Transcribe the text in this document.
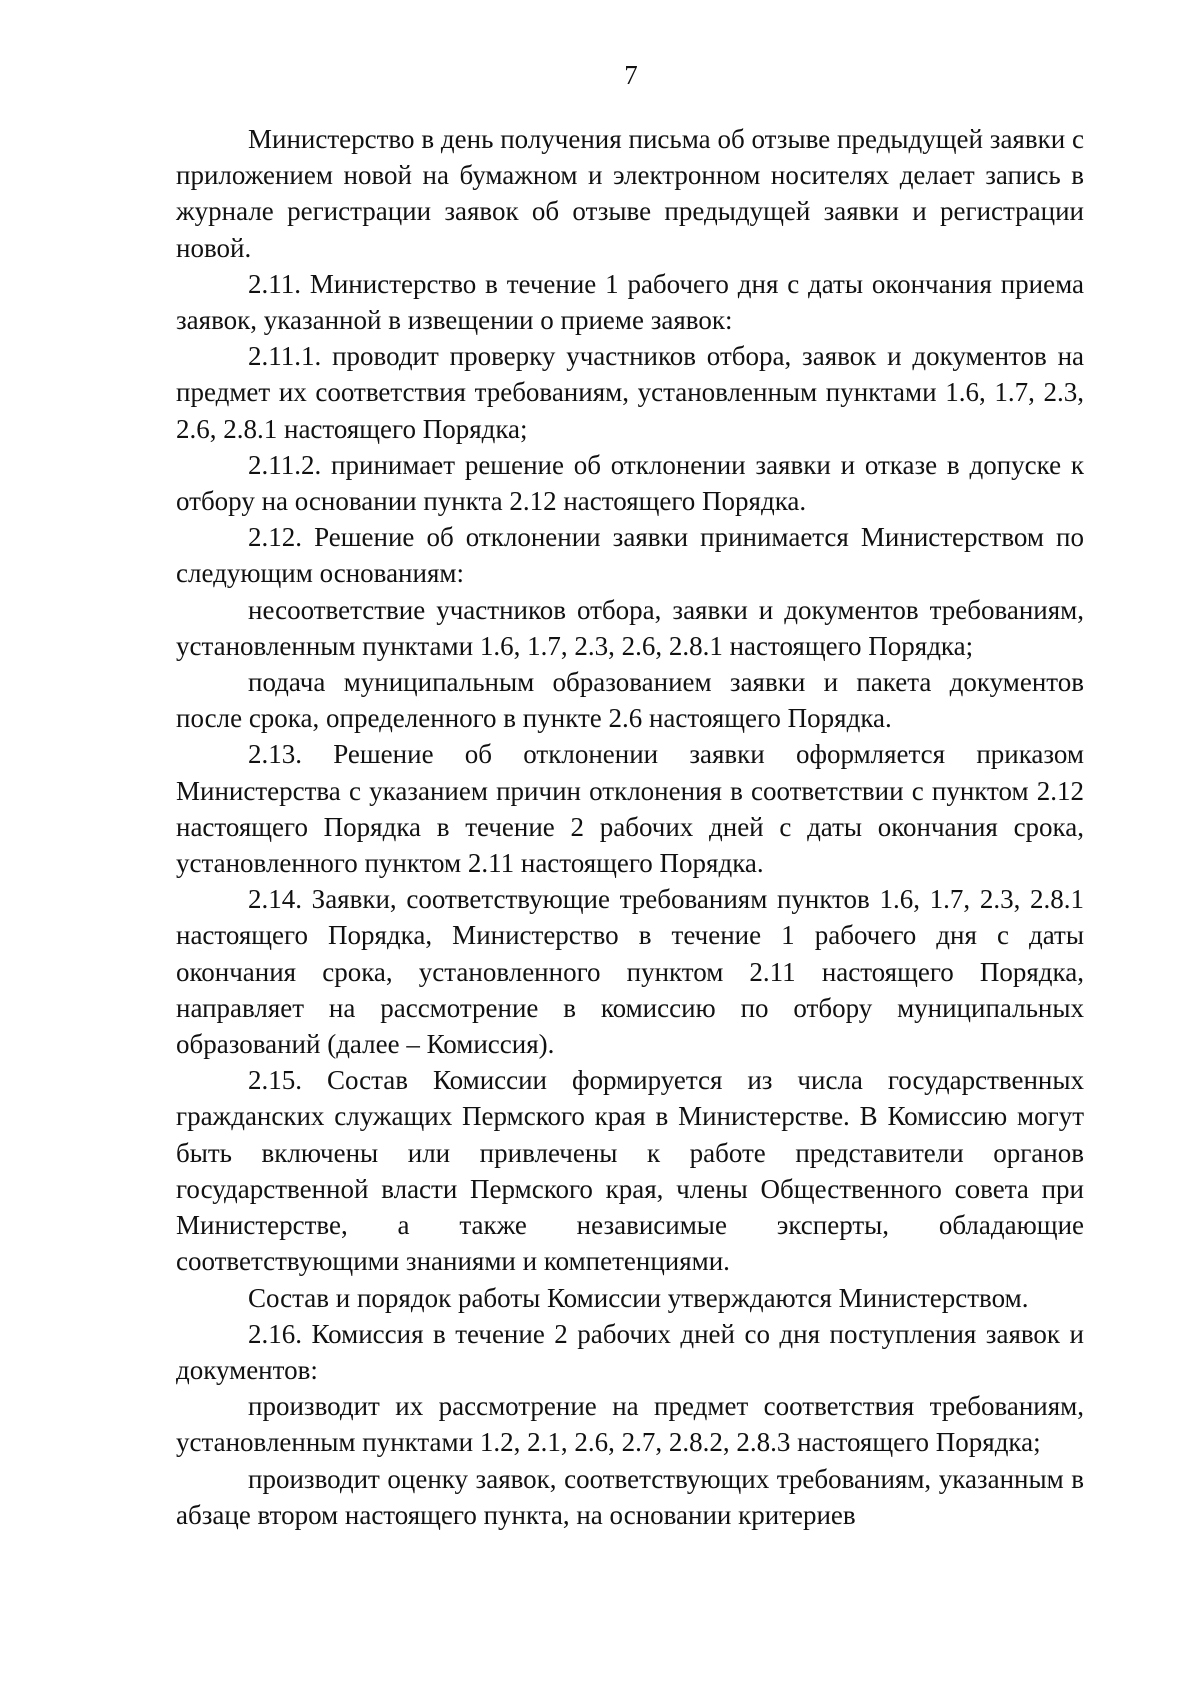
7

Министерство в день получения письма об отзыве предыдущей заявки с приложением новой на бумажном и электронном носителях делает запись в журнале регистрации заявок об отзыве предыдущей заявки и регистрации новой.

2.11. Министерство в течение 1 рабочего дня с даты окончания приема заявок, указанной в извещении о приеме заявок:

2.11.1. проводит проверку участников отбора, заявок и документов на предмет их соответствия требованиям, установленным пунктами 1.6, 1.7, 2.3, 2.6, 2.8.1 настоящего Порядка;

2.11.2. принимает решение об отклонении заявки и отказе в допуске к отбору на основании пункта 2.12 настоящего Порядка.

2.12. Решение об отклонении заявки принимается Министерством по следующим основаниям:

несоответствие участников отбора, заявки и документов требованиям, установленным пунктами 1.6, 1.7, 2.3, 2.6, 2.8.1 настоящего Порядка;

подача муниципальным образованием заявки и пакета документов после срока, определенного в пункте 2.6 настоящего Порядка.

2.13. Решение об отклонении заявки оформляется приказом Министерства с указанием причин отклонения в соответствии с пунктом 2.12 настоящего Порядка в течение 2 рабочих дней с даты окончания срока, установленного пунктом 2.11 настоящего Порядка.

2.14. Заявки, соответствующие требованиям пунктов 1.6, 1.7, 2.3, 2.8.1 настоящего Порядка, Министерство в течение 1 рабочего дня с даты окончания срока, установленного пунктом 2.11 настоящего Порядка, направляет на рассмотрение в комиссию по отбору муниципальных образований (далее – Комиссия).

2.15. Состав Комиссии формируется из числа государственных гражданских служащих Пермского края в Министерстве. В Комиссию могут быть включены или привлечены к работе представители органов государственной власти Пермского края, члены Общественного совета при Министерстве, а также независимые эксперты, обладающие соответствующими знаниями и компетенциями.

Состав и порядок работы Комиссии утверждаются Министерством.

2.16. Комиссия в течение 2 рабочих дней со дня поступления заявок и документов:

производит их рассмотрение на предмет соответствия требованиям, установленным пунктами 1.2, 2.1, 2.6, 2.7, 2.8.2, 2.8.3 настоящего Порядка;

производит оценку заявок, соответствующих требованиям, указанным в абзаце втором настоящего пункта, на основании критериев
